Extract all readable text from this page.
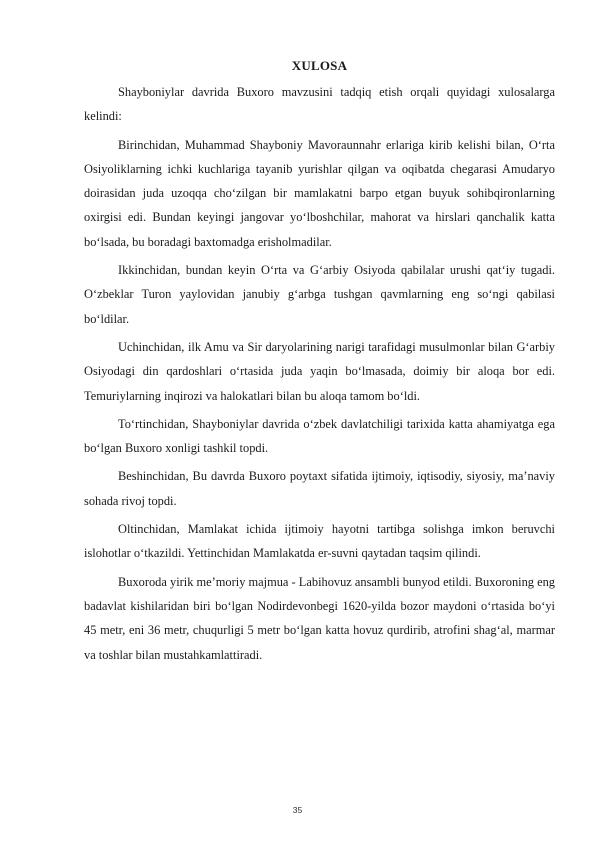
XULOSA

Shayboniylar davrida Buxoro mavzusini tadqiq etish orqali quyidagi xulosalarga kelindi:

Birinchidan, Muhammad Shayboniy Mavoraunnahr erlariga kirib kelishi bilan, O‘rta Osiyoliklarning ichki kuchlariga tayanib yurishlar qilgan va oqibatda chegarasi Amudaryo doirasidan juda uzoqqa cho‘zilgan bir mamlakatni barpo etgan buyuk sohibqironlarning oxirgisi edi. Bundan keyingi jangovar yo‘lboshchilar, mahorat va hirslari qanchalik katta bo‘lsada, bu boradagi baxtomadga erisholmadilar.

Ikkinchidan, bundan keyin O‘rta va G‘arbiy Osiyoda qabilalar urushi qat‘iy tugadi. O‘zbeklar Turon yaylovidan janubiy g‘arbga tushgan qavmlarning eng so‘ngi qabilasi bo‘ldilar.

Uchinchidan, ilk Amu va Sir daryolarining narigi tarafidagi musulmonlar bilan G‘arbiy Osiyodagi din qardoshlari o‘rtasida juda yaqin bo‘lmasada, doimiy bir aloqa bor edi. Temuriylarning inqirozi va halokatlari bilan bu aloqa tamom bo‘ldi.

To‘rtinchidan, Shayboniylar davrida o‘zbek davlatchiligi tarixida katta ahamiyatga ega bo‘lgan Buxoro xonligi tashkil topdi.

Beshinchidan, Bu davrda Buxoro poytaxt sifatida ijtimoiy, iqtisodiy, siyosiy, ma’naviy sohada rivoj topdi.

Oltinchidan, Mamlakat ichida ijtimoiy hayotni tartibga solishga imkon beruvchi islohotlar o‘tkazildi. Yettinchidan Mamlakatda er-suvni qaytadan taqsim qilindi.

Buxoroda yirik me’moriy majmua - Labihovuz ansambli bunyod etildi. Buxoroning eng badavlat kishilaridan biri bo‘lgan Nodirdevonbegi 1620-yilda bozor maydoni o‘rtasida bo‘yi 45 metr, eni 36 metr, chuqurligi 5 metr bo‘lgan katta hovuz qurdirib, atrofini shag‘al, marmar va toshlar bilan mustahkamlattiradi.

35
